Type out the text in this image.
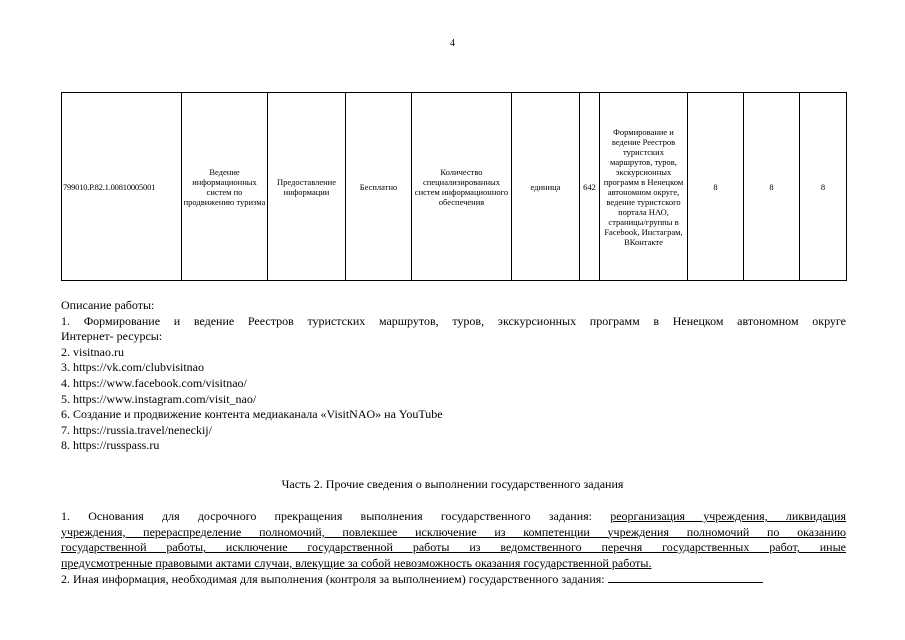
4
799010.Р.82.1.00810005001	Ведение информационных систем по продвижению туризма	Предоставление информации	Бесплатно	Количество специализированных систем информационного обеспечения	единица	642	Формирование и ведение Реестров туристских маршрутов, туров, экскурсионных программ в Ненецком автономном округе, ведение туристского портала НАО, страницы/группы в Facebook, Инстаграм, ВКонтакте	8	8	8
Описание работы:
1. Формирование и ведение Реестров туристских маршрутов, туров, экскурсионных программ в Ненецком автономном округе
Интернет- ресурсы:
2. visitnao.ru
3. https://vk.com/clubvisitnao
4. https://www.facebook.com/visitnao/
5. https://www.instagram.com/visit_nao/
6. Создание и продвижение контента медиаканала «VisitNAO» на YouTube
7. https://russia.travel/neneckij/
8. https://russpass.ru
Часть 2. Прочие сведения о выполнении государственного задания
1. Основания для досрочного прекращения выполнения государственного задания: реорганизация учреждения, ликвидация
учреждения, перераспределение полномочий, повлекшее исключение из компетенции учреждения полномочий по оказанию
государственной работы, исключение государственной работы из ведомственного перечня государственных работ, иные
предусмотренные правовыми актами случаи, влекущие за собой невозможность оказания государственной работы.
2. Иная информация, необходимая для выполнения (контроля за выполнением) государственного задания:
